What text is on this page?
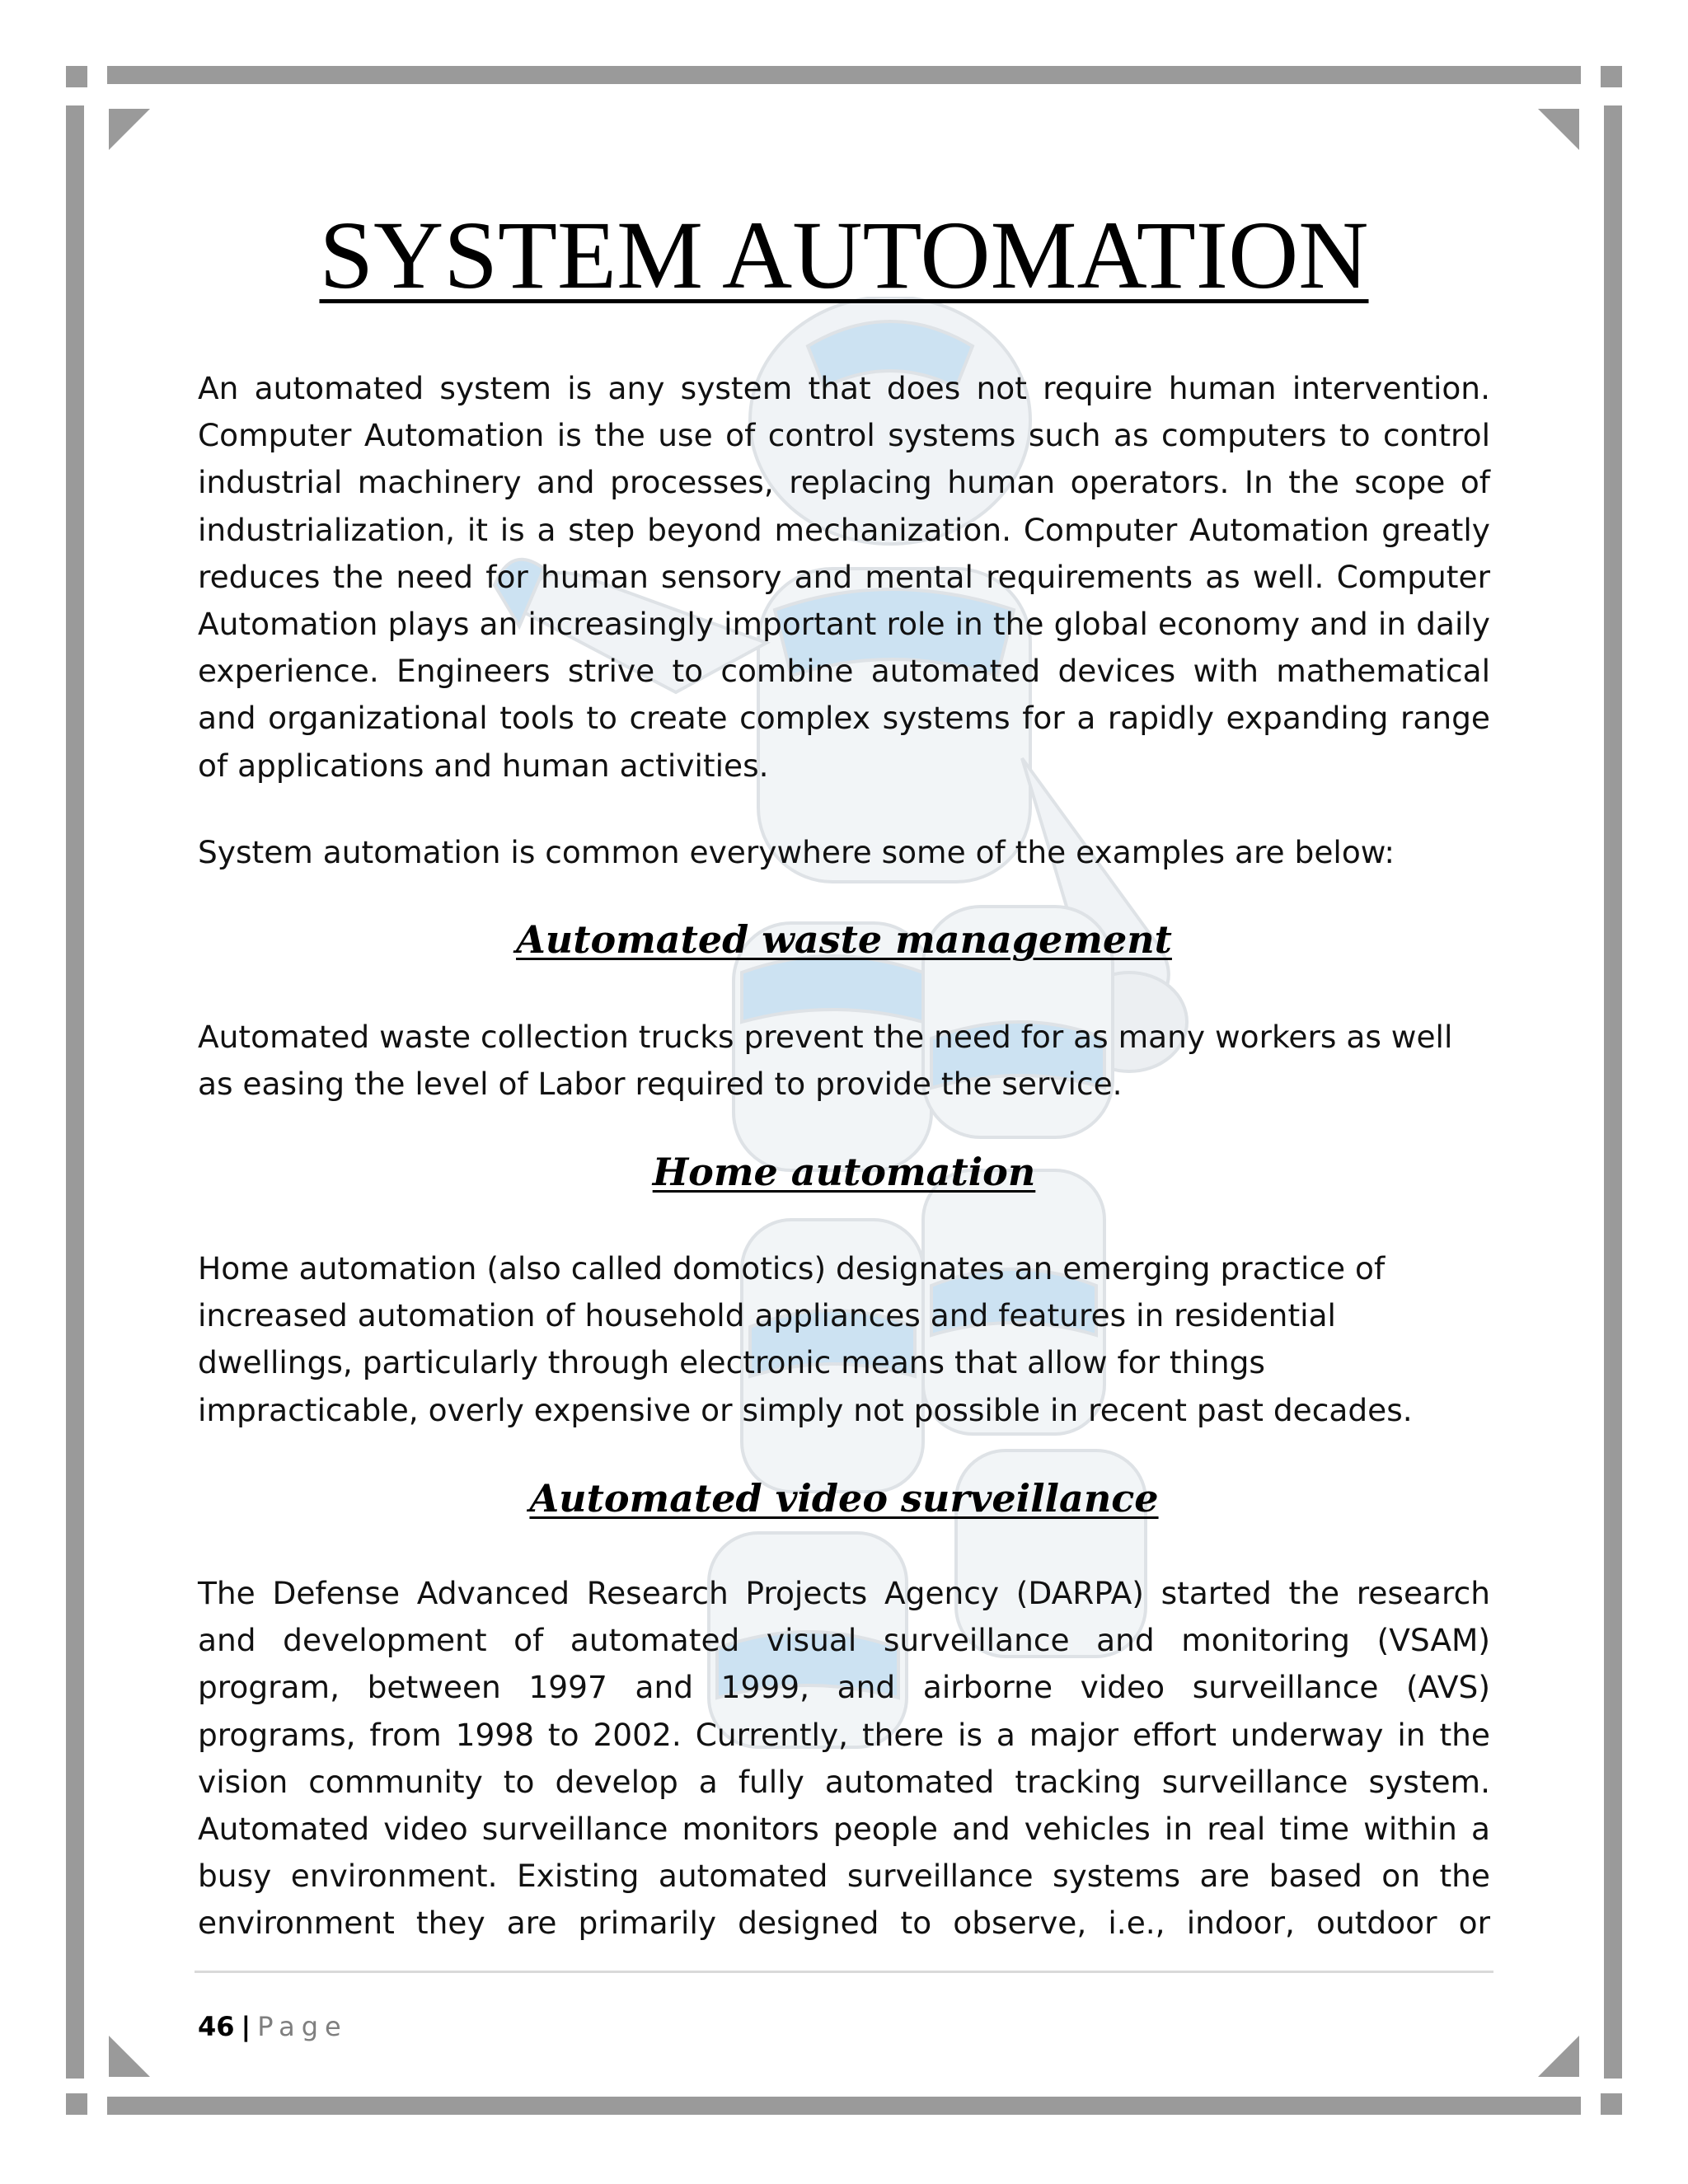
SYSTEM AUTOMATION

An automated system is any system that does not require human intervention. Computer Automation is the use of control systems such as computers to control industrial machinery and processes, replacing human operators. In the scope of industrialization, it is a step beyond mechanization. Computer Automation greatly reduces the need for human sensory and mental requirements as well. Computer Automation plays an increasingly important role in the global economy and in daily experience. Engineers strive to combine automated devices with mathematical and organizational tools to create complex systems for a rapidly expanding range of applications and human activities.

System automation is common everywhere some of the examples are below:

Automated waste management

Automated waste collection trucks prevent the need for as many workers as well as easing the level of Labor required to provide the service.

Home automation

Home automation (also called domotics) designates an emerging practice of increased automation of household appliances and features in residential dwellings, particularly through electronic means that allow for things impracticable, overly expensive or simply not possible in recent past decades.

Automated video surveillance

The Defense Advanced Research Projects Agency (DARPA) started the research and development of automated visual surveillance and monitoring (VSAM) program, between 1997 and 1999, and airborne video surveillance (AVS) programs, from 1998 to 2002. Currently, there is a major effort underway in the vision community to develop a fully automated tracking surveillance system. Automated video surveillance monitors people and vehicles in real time within a busy environment. Existing automated surveillance systems are based on the environment they are primarily designed to observe, i.e., indoor, outdoor or

46 | Page
